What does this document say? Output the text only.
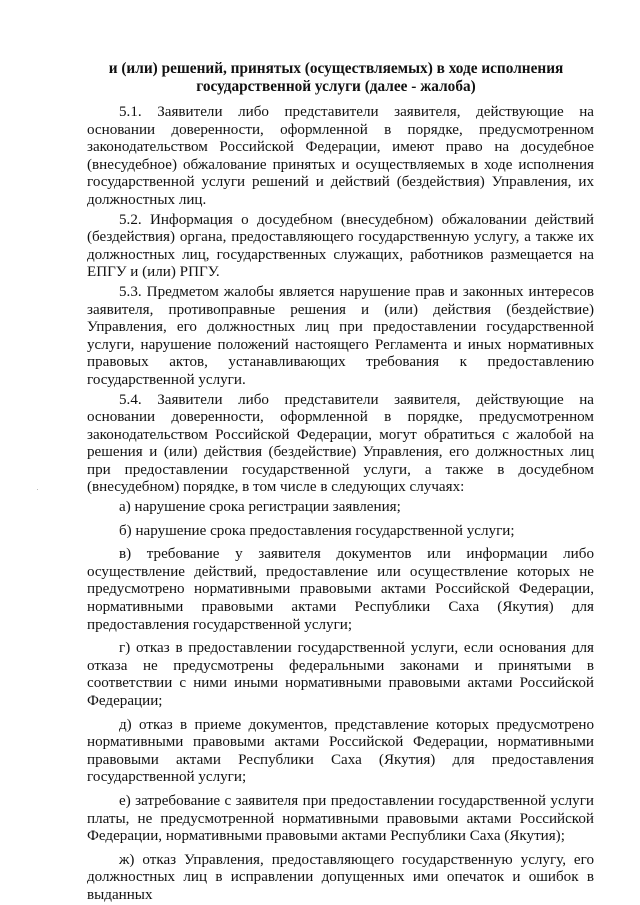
и (или) решений, принятых (осуществляемых) в ходе исполнения государственной услуги (далее - жалоба)

5.1. Заявители либо представители заявителя, действующие на основании доверенности, оформленной в порядке, предусмотренном законодательством Российской Федерации, имеют право на досудебное (внесудебное) обжалование принятых и осуществляемых в ходе исполнения государственной услуги решений и действий (бездействия) Управления, их должностных лиц.

5.2. Информация о досудебном (внесудебном) обжаловании действий (бездействия) органа, предоставляющего государственную услугу, а также их должностных лиц, государственных служащих, работников размещается на ЕПГУ и (или) РПГУ.

5.3. Предметом жалобы является нарушение прав и законных интересов заявителя, противоправные решения и (или) действия (бездействие) Управления, его должностных лиц при предоставлении государственной услуги, нарушение положений настоящего Регламента и иных нормативных правовых актов, устанавливающих требования к предоставлению государственной услуги.

5.4. Заявители либо представители заявителя, действующие на основании доверенности, оформленной в порядке, предусмотренном законодательством Российской Федерации, могут обратиться с жалобой на решения и (или) действия (бездействие) Управления, его должностных лиц при предоставлении государственной услуги, а также в досудебном (внесудебном) порядке, в том числе в следующих случаях:

а) нарушение срока регистрации заявления;

б) нарушение срока предоставления государственной услуги;

в) требование у заявителя документов или информации либо осуществление действий, предоставление или осуществление которых не предусмотрено нормативными правовыми актами Российской Федерации, нормативными правовыми актами Республики Саха (Якутия) для предоставления государственной услуги;

г) отказ в предоставлении государственной услуги, если основания для отказа не предусмотрены федеральными законами и принятыми в соответствии с ними иными нормативными правовыми актами Российской Федерации;

д) отказ в приеме документов, представление которых предусмотрено нормативными правовыми актами Российской Федерации, нормативными правовыми актами Республики Саха (Якутия) для предоставления государственной услуги;

е) затребование с заявителя при предоставлении государственной услуги платы, не предусмотренной нормативными правовыми актами Российской Федерации, нормативными правовыми актами Республики Саха (Якутия);

ж) отказ Управления, предоставляющего государственную услугу, его должностных лиц в исправлении допущенных ими опечаток и ошибок в выданных
